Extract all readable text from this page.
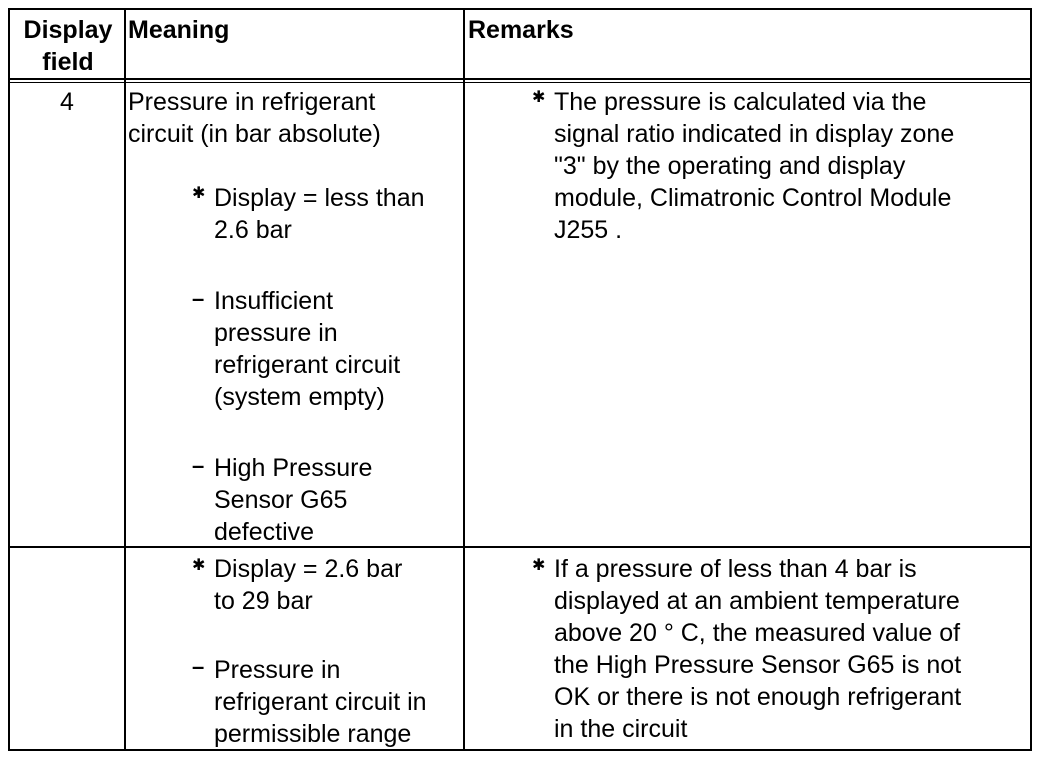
Display
field
Meaning	Remarks
4	Pressure in refrigerant
circuit (in bar absolute)
✱ Display = less than
2.6 bar
– Insufficient
pressure in
refrigerant circuit
(system empty)
– High Pressure
Sensor G65
defective
✱ The pressure is calculated via the
signal ratio indicated in display zone
"3" by the operating and display
module, Climatronic Control Module
J255 .
✱ Display = 2.6 bar
to 29 bar
– Pressure in
refrigerant circuit in
permissible range
✱ If a pressure of less than 4 bar is
displayed at an ambient temperature
above 20 ° C, the measured value of
the High Pressure Sensor G65 is not
OK or there is not enough refrigerant
in the circuit
